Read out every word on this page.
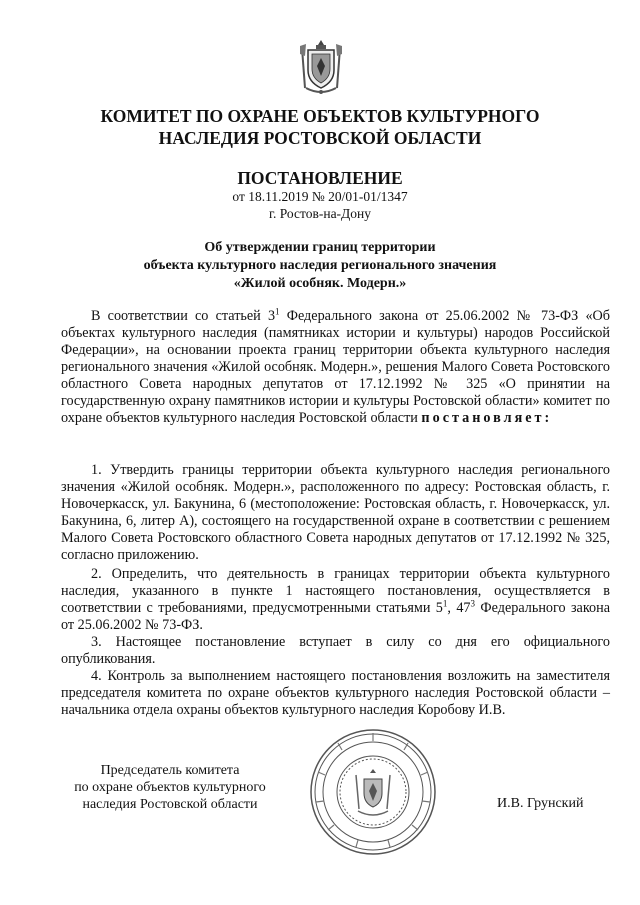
КОМИТЕТ ПО ОХРАНЕ ОБЪЕКТОВ КУЛЬТУРНОГО
НАСЛЕДИЯ РОСТОВСКОЙ ОБЛАСТИ
ПОСТАНОВЛЕНИЕ
от 18.11.2019 № 20/01-01/1347
г. Ростов-на-Дону
Об утверждении границ территории
объекта культурного наследия регионального значения
«Жилой особняк. Модерн.»

В соответствии со статьей $3^1$ Федерального закона от 25.06.2002 № 73-ФЗ «Об объектах культурного наследия (памятниках истории и культуры) народов Российской Федерации», на основании проекта границ территории объекта культурного наследия регионального значения «Жилой особняк. Модерн.», решения Малого Совета Ростовского областного Совета народных депутатов от 17.12.1992 № 325 «О принятии на государственную охрану памятников истории и культуры Ростовской области» комитет по охране объектов культурного наследия Ростовской области постановляет:

1. Утвердить границы территории объекта культурного наследия регионального значения «Жилой особняк. Модерн.», расположенного по адресу: Ростовская область, г. Новочеркасск, ул. Бакунина, 6 (местоположение: Ростовская область, г. Новочеркасск, ул. Бакунина, 6, литер А), состоящего на государственной охране в соответствии с решением Малого Совета Ростовского областного Совета народных депутатов от 17.12.1992 № 325, согласно приложению.

2. Определить, что деятельность в границах территории объекта культурного наследия, указанного в пункте 1 настоящего постановления, осуществляется в соответствии с требованиями, предусмотренными статьями $5^1$, $47^3$ Федерального закона от 25.06.2002 № 73-ФЗ.

3. Настоящее постановление вступает в силу со дня его официального опубликования.

4. Контроль за выполнением настоящего постановления возложить на заместителя председателя комитета по охране объектов культурного наследия Ростовской области – начальника отдела охраны объектов культурного наследия Коробову И.В.

Председатель комитета
по охране объектов культурного
наследия Ростовской области	И.В. Грунский
